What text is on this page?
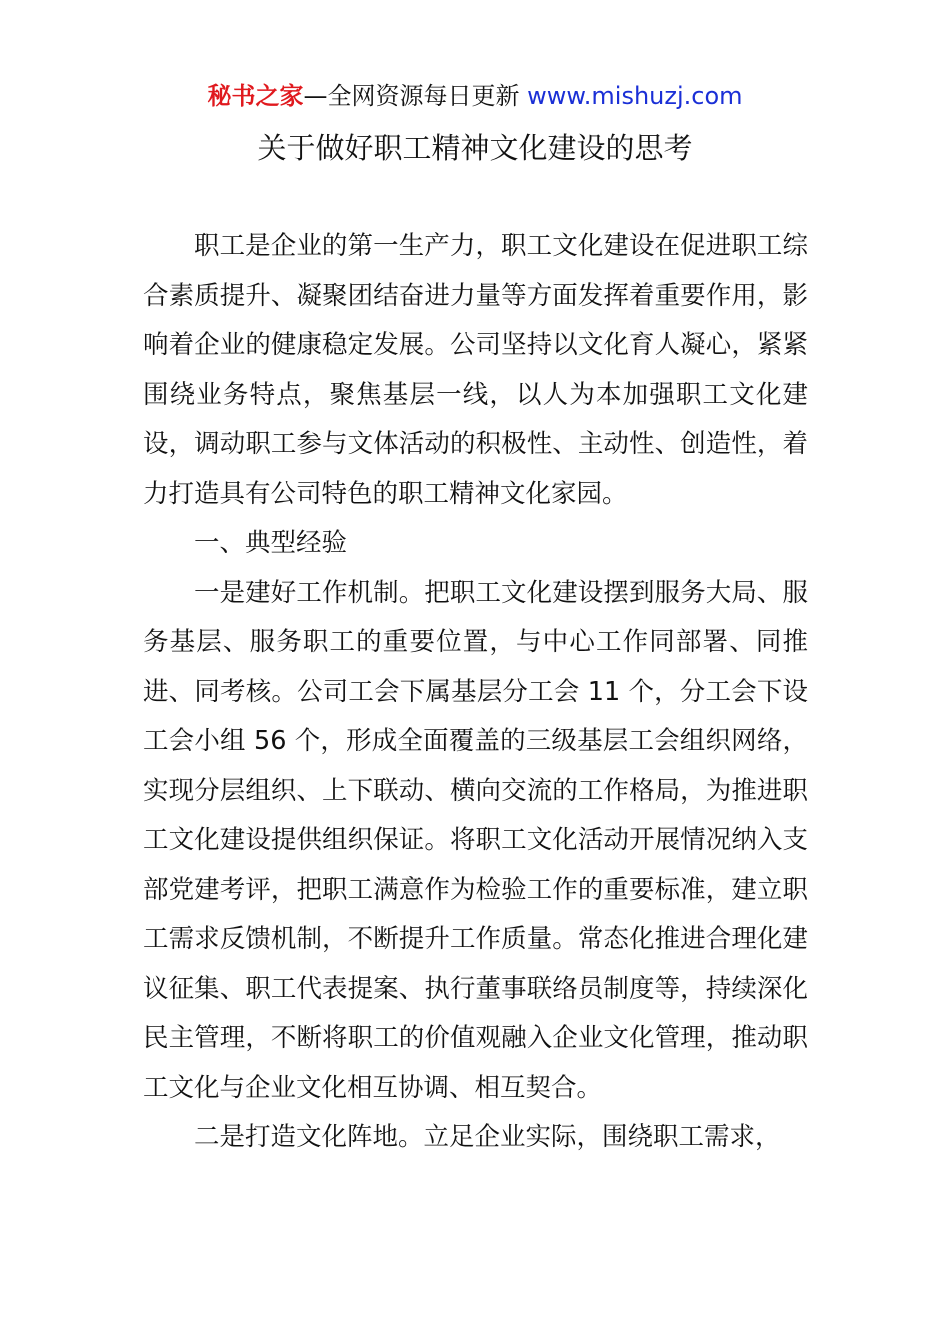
秘书之家—全网资源每日更新 www.mishuzj.com
关于做好职工精神文化建设的思考

职工是企业的第一生产力，职工文化建设在促进职工综合素质提升、凝聚团结奋进力量等方面发挥着重要作用，影响着企业的健康稳定发展。公司坚持以文化育人凝心，紧紧围绕业务特点，聚焦基层一线，以人为本加强职工文化建设，调动职工参与文体活动的积极性、主动性、创造性，着力打造具有公司特色的职工精神文化家园。

一、典型经验

一是建好工作机制。把职工文化建设摆到服务大局、服务基层、服务职工的重要位置，与中心工作同部署、同推进、同考核。公司工会下属基层分工会 11 个，分工会下设工会小组 56 个，形成全面覆盖的三级基层工会组织网络，实现分层组织、上下联动、横向交流的工作格局，为推进职工文化建设提供组织保证。将职工文化活动开展情况纳入支部党建考评，把职工满意作为检验工作的重要标准，建立职工需求反馈机制，不断提升工作质量。常态化推进合理化建议征集、职工代表提案、执行董事联络员制度等，持续深化民主管理，不断将职工的价值观融入企业文化管理，推动职工文化与企业文化相互协调、相互契合。

二是打造文化阵地。立足企业实际，围绕职工需求，
